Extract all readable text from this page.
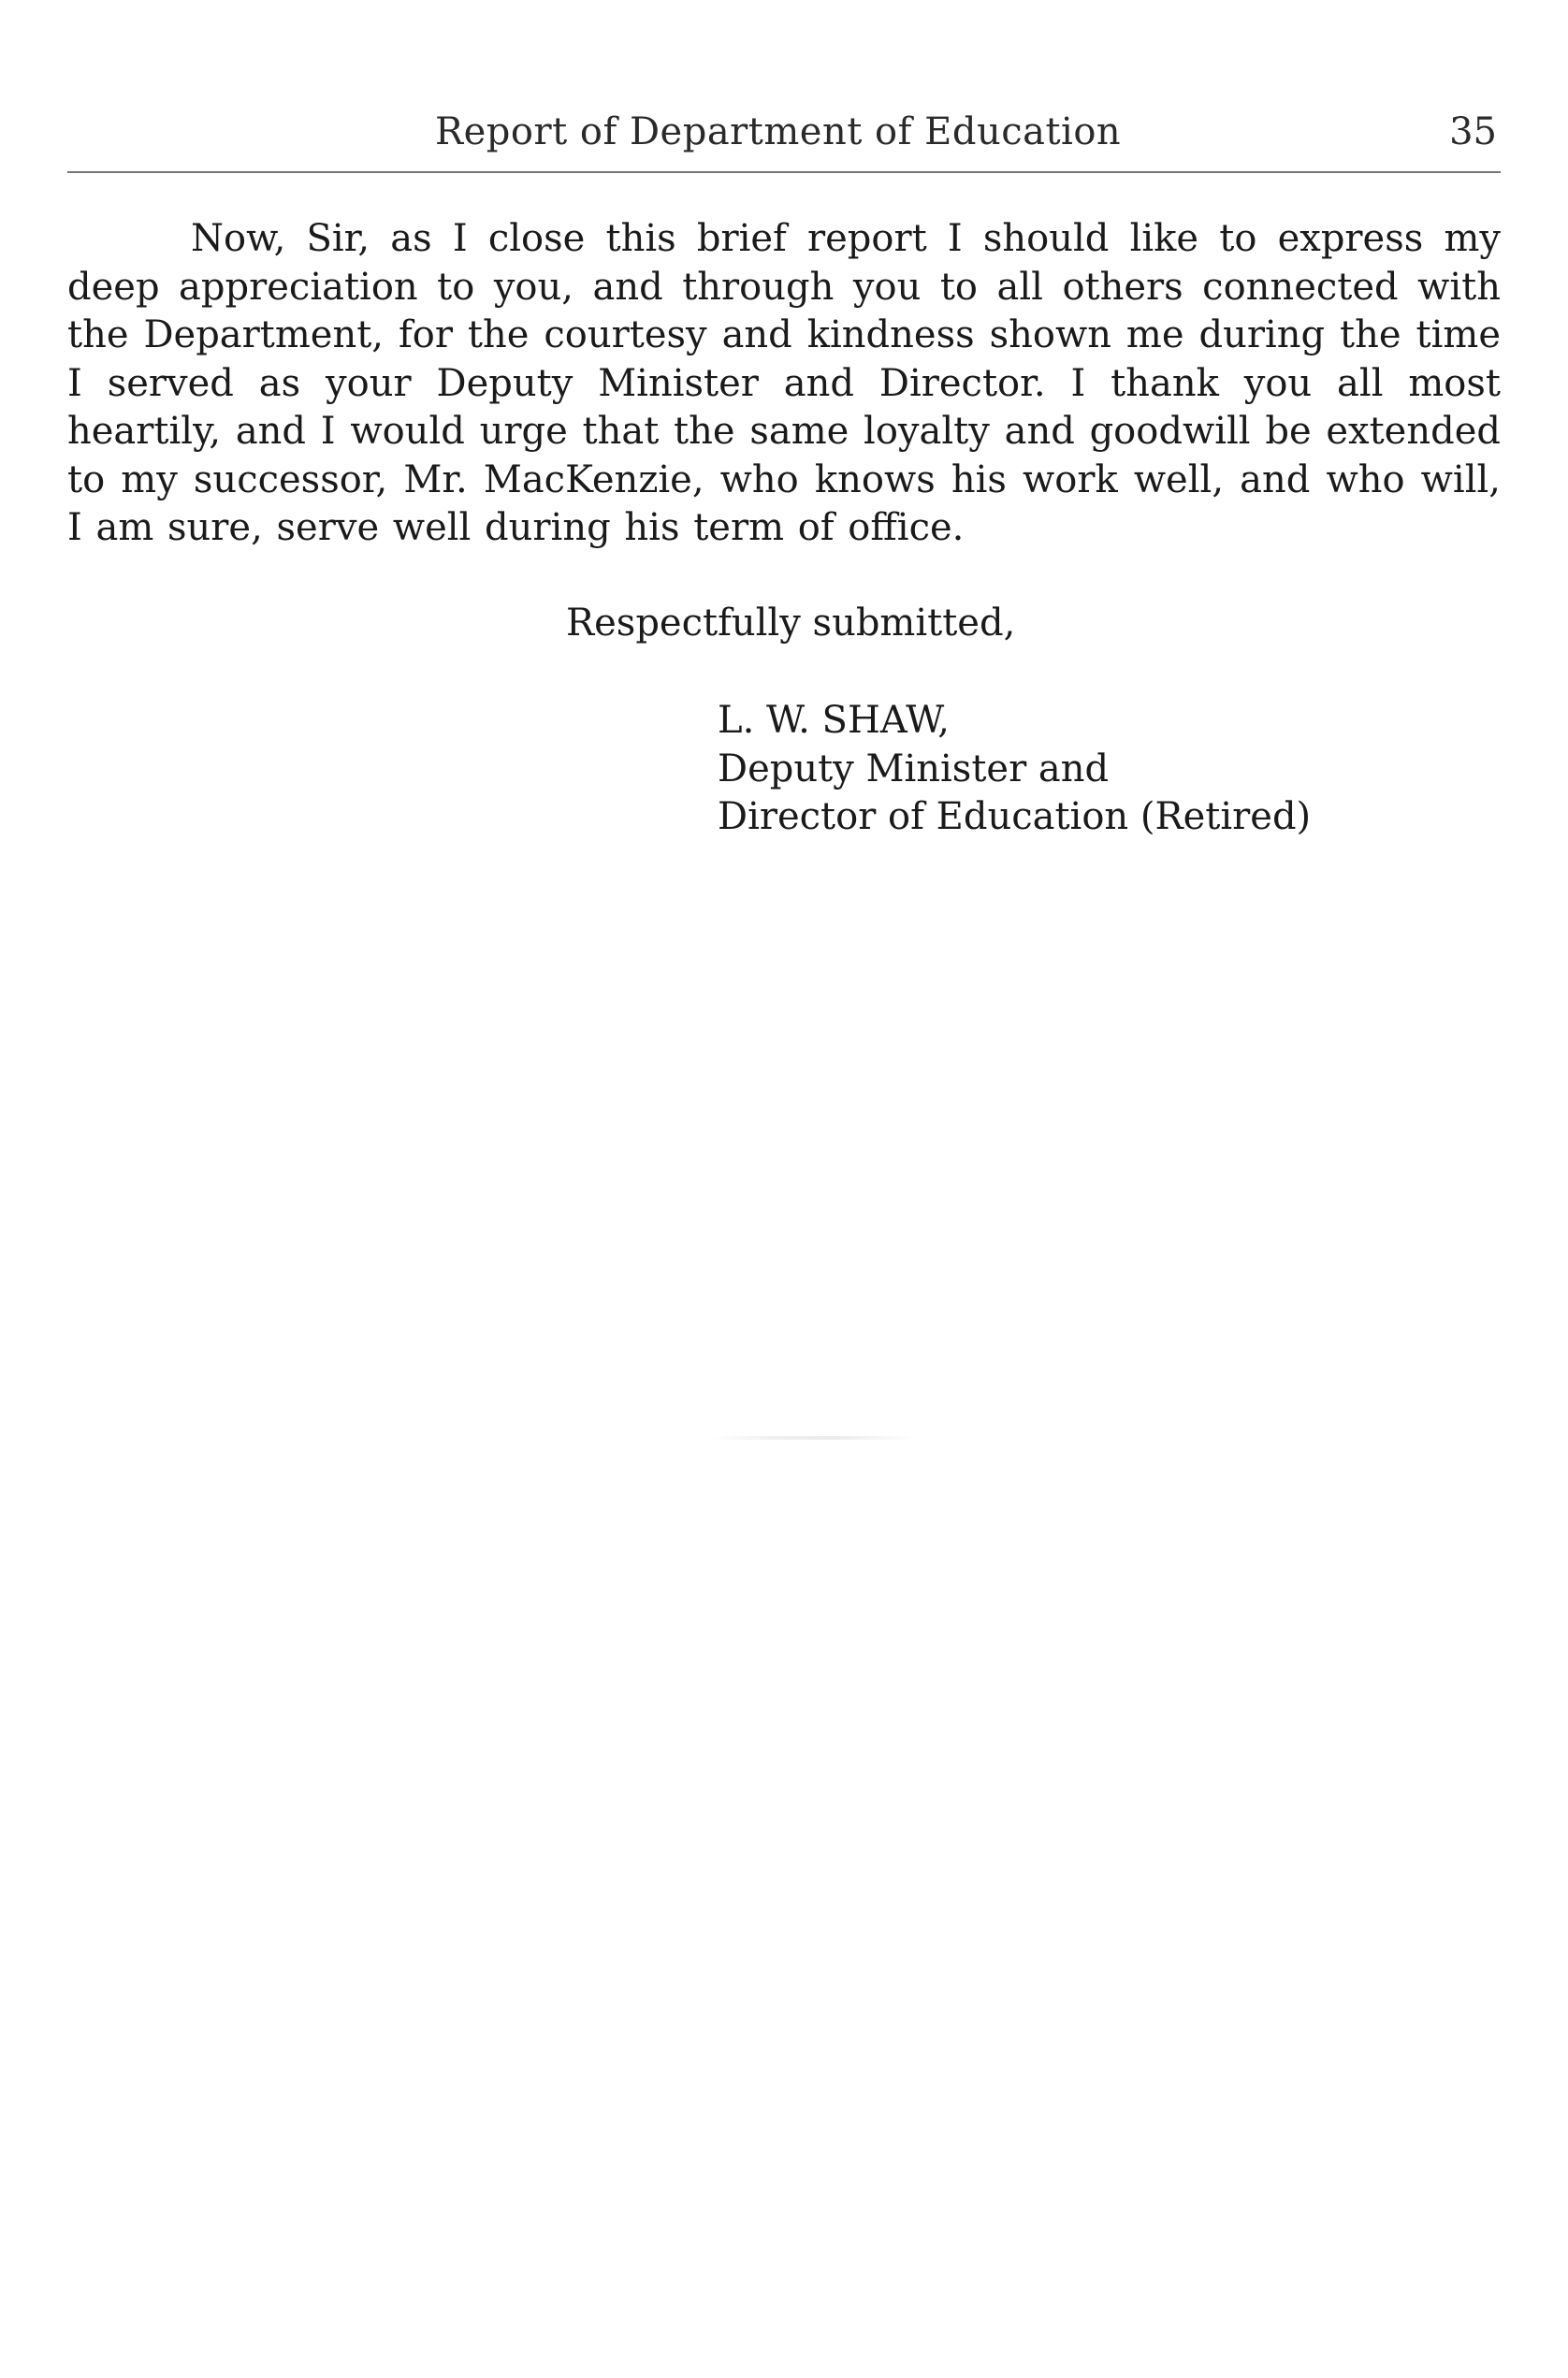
Report of Department of Education	35
Now, Sir, as I close this brief report I should like to express my
deep appreciation to you, and through you to all others connected with
the Department, for the courtesy and kindness shown me during the time
I served as your Deputy Minister and Director. I thank you all most
heartily, and I would urge that the same loyalty and goodwill be extended
to my successor, Mr. MacKenzie, who knows his work well, and who will,
I am sure, serve well during his term of office.
Respectfully submitted,
L. W. SHAW,
Deputy Minister and
Director of Education (Retired)
